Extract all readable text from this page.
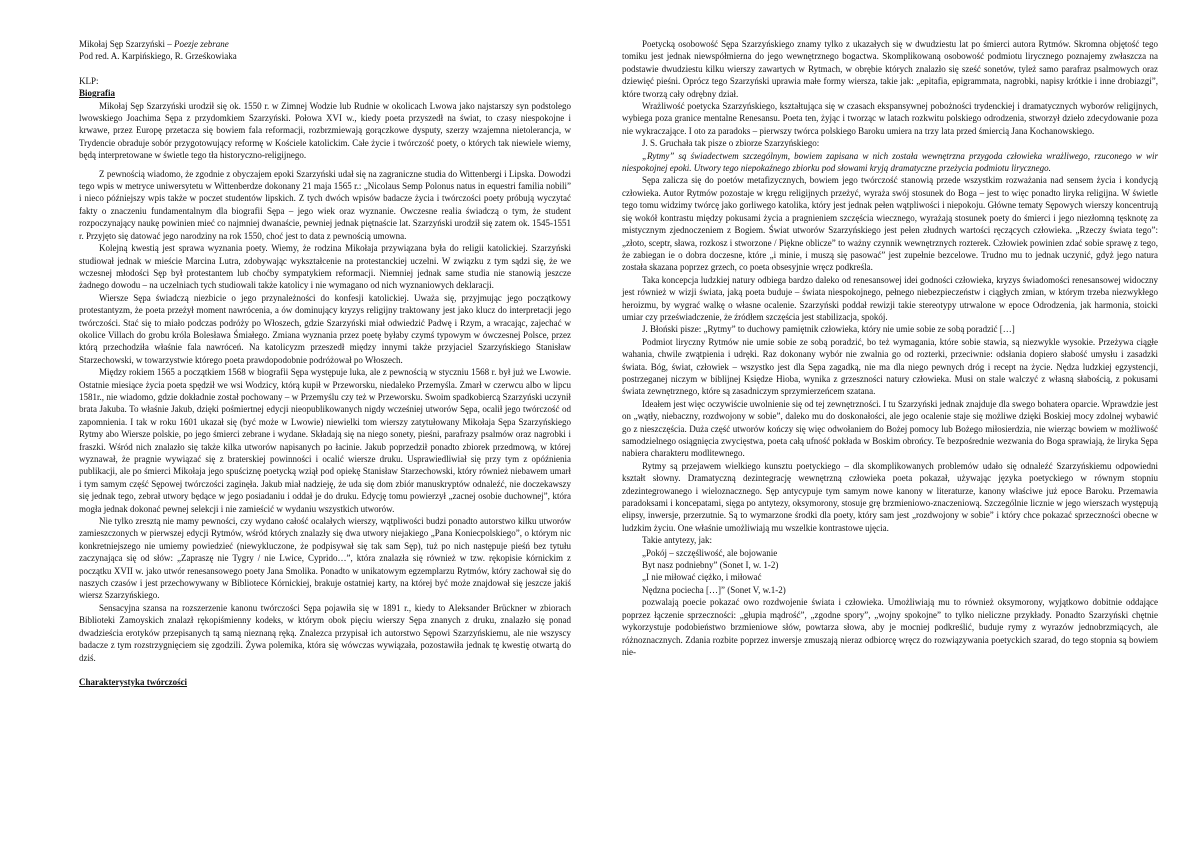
Mikołaj Sęp Szarzyński – Poezje zebrane

Pod red. A. Karpińskiego, R. Grześkowiaka

KLP:

Biografia

Mikołaj Sęp Szarzyński urodził się ok. 1550 r. w Zimnej Wodzie lub Rudnie w okolicach Lwowa jako najstarszy syn podstolego lwowskiego Joachima Sępa z przydomkiem Szarzyński. Połowa XVI w., kiedy poeta przyszedł na świat, to czasy niespokojne i krwawe, przez Europę przetacza się bowiem fala reformacji, rozbrzmiewają gorączkowe dysputy, szerzy wzajemna nietolerancja, w Trydencie obraduje sobór przygotowujący reformę w Kościele katolickim. Całe życie i twórczość poety, o których tak niewiele wiemy, będą interpretowane w świetle tego tła historyczno-religijnego.

Z pewnością wiadomo, że zgodnie z obyczajem epoki Szarzyński udał się na zagraniczne studia do Wittenbergi i Lipska. Dowodzi tego wpis w metryce uniwersytetu w Wittenberdze dokonany 21 maja 1565 r.: „Nicolaus Semp Polonus natus in equestri familia nobili” i nieco późniejszy wpis także w poczet studentów lipskich. Z tych dwóch wpisów badacze życia i twórczości poety próbują wyczytać fakty o znaczeniu fundamentalnym dla biografii Sępa – jego wiek oraz wyznanie. Owczesne realia świadczą o tym, że student rozpoczynający naukę powinien mieć co najmniej dwanaście, pewniej jednak piętnaście lat. Szarzyński urodził się zatem ok. 1545-1551 r. Przyjęto się datować jego narodziny na rok 1550, choć jest to data z pewnością umowna.

Kolejną kwestią jest sprawa wyznania poety. Wiemy, że rodzina Mikołaja przywiązana była do religii katolickiej. Szarzyński studiował jednak w mieście Marcina Lutra, zdobywając wykształcenie na protestanckiej uczelni. W związku z tym sądzi się, że we wczesnej młodości Sęp był protestantem lub choćby sympatykiem reformacji. Niemniej jednak same studia nie stanowią jeszcze żadnego dowodu – na uczelniach tych studiowali także katolicy i nie wymagano od nich wyznaniowych deklaracji.

Wiersze Sępa świadczą niezbicie o jego przynależności do konfesji katolickiej. Uważa się, przyjmując jego początkowy protestantyzm, że poeta przeżył moment nawrócenia, a ów dominujący kryzys religijny traktowany jest jako klucz do interpretacji jego twórczości. Stać się to miało podczas podróży po Włoszech, gdzie Szarzyński miał odwiedzić Padwę i Rzym, a wracając, zajechać w okolice Villach do grobu króla Bolesława Śmiałego. Zmiana wyznania przez poetę byłaby czymś typowym w ówczesnej Polsce, przez którą przechodziła właśnie fala nawróceń. Na katolicyzm przeszedł między innymi także przyjaciel Szarzyńskiego Stanisław Starzechowski, w towarzystwie którego poeta prawdopodobnie podróżował po Włoszech.

Między rokiem 1565 a początkiem 1568 w biografii Sępa występuje luka, ale z pewnością w styczniu 1568 r. był już we Lwowie. Ostatnie miesiące życia poeta spędził we wsi Wodzicy, którą kupił w Przeworsku, niedaleko Przemyśla. Zmarł w czerwcu albo w lipcu 1581r., nie wiadomo, gdzie dokładnie został pochowany – w Przemyślu czy też w Przeworsku. Swoim spadkobiercą Szarzyński uczynił brata Jakuba. To właśnie Jakub, dzięki pośmiertnej edycji nieopublikowanych nigdy wcześniej utworów Sępa, ocalił jego twórczość od zapomnienia. I tak w roku 1601 ukazał się (być może w Lwowie) niewielki tom wierszy zatytułowany Mikołaja Sępa Szarzyńskiego Rytmy abo Wiersze polskie, po jego śmierci zebrane i wydane. Składają się na niego sonety, pieśni, parafrazy psalmów oraz nagrobki i fraszki. Wśród nich znalazło się także kilka utworów napisanych po łacinie. Jakub poprzedził ponadto zbiorek przedmową, w której wyznawał, że pragnie wywiązać się z braterskiej powinności i ocalić wiersze druku. Usprawiedliwiał się przy tym z opóźnienia publikacji, ale po śmierci Mikołaja jego spuściznę poetycką wziął pod opiekę Stanisław Starzechowski, który również niebawem umarł i tym samym część Sępowej twórczości zaginęła. Jakub miał nadzieję, że uda się dom zbiór manuskryptów odnaleźć, nie doczekawszy się jednak tego, zebrał utwory będące w jego posiadaniu i oddał je do druku. Edycję tomu powierzył „zacnej osobie duchownej”, która mogła jednak dokonać pewnej selekcji i nie zamieścić w wydaniu wszystkich utworów.

Nie tylko zresztą nie mamy pewności, czy wydano całość ocalałych wierszy, wątpliwości budzi ponadto autorstwo kilku utworów zamieszczonych w pierwszej edycji Rytmów, wśród których znalazły się dwa utwory niejakiego „Pana Koniecpolskiego”, o którym nic konkretniejszego nie umiemy powiedzieć (niewykluczone, że podpisywał się tak sam Sęp), tuż po nich następuje pieśń bez tytułu zaczynająca się od słów: „Zapraszę nie Tygry / nie Lwice, Cyprido…”, która znalazła się również w tzw. rękopisie kórnickim z początku XVII w. jako utwór renesansowego poety Jana Smolika. Ponadto w unikatowym egzemplarzu Rytmów, który zachował się do naszych czasów i jest przechowywany w Bibliotece Kórnickiej, brakuje ostatniej karty, na której być może znajdował się jeszcze jakiś wiersz Szarzyńskiego.

Sensacyjna szansa na rozszerzenie kanonu twórczości Sępa pojawiła się w 1891 r., kiedy to Aleksander Brückner w zbiorach Biblioteki Zamoyskich znalazł rękopiśmienny kodeks, w którym obok pięciu wierszy Sępa znanych z druku, znalazło się ponad dwadzieścia erotyków przepisanych tą samą nieznaną ręką. Znalezca przypisał ich autorstwo Sępowi Szarzyńskiemu, ale nie wszyscy badacze z tym rozstrzygnięciem się zgodzili. Żywa polemika, która się wówczas wywiązała, pozostawiła jednak tę kwestię otwartą do dziś.

Charakterystyka twórczości

Poetycką osobowość Sępa Szarzyńskiego znamy tylko z ukazałych się w dwudziestu lat po śmierci autora Rytmów. Skromna objętość tego tomiku jest jednak niewspółmierna do jego wewnętrznego bogactwa. Skomplikowaną osobowość podmiotu lirycznego poznajemy zwłaszcza na podstawie dwudziestu kilku wierszy zawartych w Rytmach, w obrębie których znalazło się sześć sonetów, tyleż samo parafraz psalmowych oraz dziewięć pieśni. Oprócz tego Szarzyński uprawia małe formy wiersza, takie jak: „epitafia, epigrammata, nagrobki, napisy krótkie i inne drobiazgi”, które tworzą cały odrębny dział.

Wrażliwość poetycka Szarzyńskiego, kształtująca się w czasach ekspansywnej pobożności trydenckiej i dramatycznych wyborów religijnych, wybiega poza granice mentalne Renesansu. Poeta ten, żyjąc i tworząc w latach rozkwitu polskiego odrodzenia, stworzył dzieło zdecydowanie poza nie wykraczające. I oto za paradoks – pierwszy twórca polskiego Baroku umiera na trzy lata przed śmiercią Jana Kochanowskiego.

J. S. Gruchała tak pisze o zbiorze Szarzyńskiego:

„Rytmy” są świadectwem szczególnym, bowiem zapisana w nich została wewnętrzna przygoda człowieka wrażliwego, rzuconego w wir niespokojnej epoki. Utwory tego niepokaźnego zbiorku pod słowami kryją dramatyczne przeżycia podmiotu lirycznego.

Sępa zalicza się do poetów metafizycznych, bowiem jego twórczość stanowią przede wszystkim rozważania nad sensem życia i kondycją człowieka. Autor Rytmów pozostaje w kręgu religijnych przeżyć, wyraża swój stosunek do Boga – jest to więc ponadto liryka religijna. W świetle tego tomu widzimy twórcę jako gorliwego katolika, który jest jednak pełen wątpliwości i niepokoju. Główne tematy Sępowych wierszy koncentrują się wokół kontrastu między pokusami życia a pragnieniem szczęścia wiecznego, wyrażają stosunek poety do śmierci i jego niezłomną tęsknotę za mistycznym zjednoczeniem z Bogiem. Świat utworów Szarzyńskiego jest pełen złudnych wartości ręczących człowieka. „Rzeczy świata tego”: „złoto, sceptr, sława, rozkosz i stworzone / Piękne oblicze” to ważny czynnik wewnętrznych rozterek. Człowiek powinien zdać sobie sprawę z tego, że zabiegan ie o dobra doczesne, które „i minie, i muszą się pasować” jest zupełnie bezcelowe. Trudno mu to jednak uczynić, gdyż jego natura została skazana poprzez grzech, co poeta obsesyjnie wręcz podkreśla.

Taka koncepcja ludzkiej natury odbiega bardzo daleko od renesansowej idei godności człowieka, kryzys świadomości renesansowej widoczny jest również w wizji świata, jaką poeta buduje – świata niespokojnego, pełnego niebezpieczeństw i ciągłych zmian, w którym trzeba niezwykłego heroizmu, by wygrać walkę o własne ocalenie. Szarzyński poddał rewizji takie stereotypy utrwalone w epoce Odrodzenia, jak harmonia, stoicki umiar czy przeświadczenie, że źródłem szczęścia jest stabilizacja, spokój.

J. Błoński pisze: „Rytmy” to duchowy pamiętnik człowieka, który nie umie sobie ze sobą poradzić […]

Podmiot liryczny Rytmów nie umie sobie ze sobą poradzić, bo też wymagania, które sobie stawia, są niezwykle wysokie. Przeżywa ciągłe wahania, chwile zwątpienia i udręki. Raz dokonany wybór nie zwalnia go od rozterki, przeciwnie: odsłania dopiero słabość umysłu i zasadzki świata. Bóg, świat, człowiek – wszystko jest dla Sępa zagadką, nie ma dla niego pewnych dróg i recept na życie. Nędza ludzkiej egzystencji, postrzeganej niczym w biblijnej Księdze Hioba, wynika z grzeszności natury człowieka. Musi on stale walczyć z własną słabością, z pokusami świata zewnętrznego, które są zasadniczym sprzymierzeńcem szatana.

Ideałem jest więc oczywiście uwolnienie się od tej zewnętrzności. I tu Szarzyński jednak znajduje dla swego bohatera oparcie. Wprawdzie jest on „wątły, niebaczny, rozdwojony w sobie”, daleko mu do doskonałości, ale jego ocalenie staje się możliwe dzięki Boskiej mocy zdolnej wybawić go z nieszczęścia. Duża część utworów kończy się więc odwołaniem do Bożej pomocy lub Bożego miłosierdzia, nie wierząc bowiem w możliwość samodzielnego osiągnięcia zwycięstwa, poeta całą ufność pokłada w Boskim obrońcy. Te bezpośrednie wezwania do Boga sprawiają, że liryka Sępa nabiera charakteru modlitewnego.

Rytmy są przejawem wielkiego kunsztu poetyckiego – dla skomplikowanych problemów udało się odnaleźć Szarzyńskiemu odpowiedni kształt słowny. Dramatyczną dezintegrację wewnętrzną człowieka poeta pokazał, używając języka poetyckiego w równym stopniu zdezintegrowanego i wieloznacznego. Sęp antycypuje tym samym nowe kanony w literaturze, kanony właściwe już epoce Baroku. Przemawia paradoksami i koncepatami, sięga po antytezy, oksymorony, stosuje grę brzmieniowo-znaczeniową. Szczególnie licznie w jego wierszach występują elipsy, inwersje, przerzutnie. Są to wymarzone środki dla poety, który sam jest „rozdwojony w sobie” i który chce pokazać sprzeczności obecne w ludzkim życiu. One właśnie umożliwiają mu wszelkie kontrastowe ujęcia.

Takie antytezy, jak:

„Pokój – szczęśliwość, ale bojowanie

Byt nasz podniebny” (Sonet I, w. 1-2)

„I nie miłować ciężko, i miłować

Nędzna pociecha […]” (Sonet V, w.1-2)

pozwalają poecie pokazać owo rozdwojenie świata i człowieka. Umożliwiają mu to również oksymorony, wyjątkowo dobitnie oddające poprzez łączenie sprzeczności: „głupia mądrość”, „zgodne spory”, „wojny spokojne” to tylko nieliczne przykłady. Ponadto Szarzyński chętnie wykorzystuje podobieństwo brzmieniowe słów, powtarza słowa, aby je mocniej podkreślić, buduje rymy z wyrazów jednobrzmiących, ale różnoznacznych. Zdania rozbite poprzez inwersje zmuszają nieraz odbiorcę wręcz do rozwiązywania poetyckich szarad, do tego stopnia są bowiem nie-
